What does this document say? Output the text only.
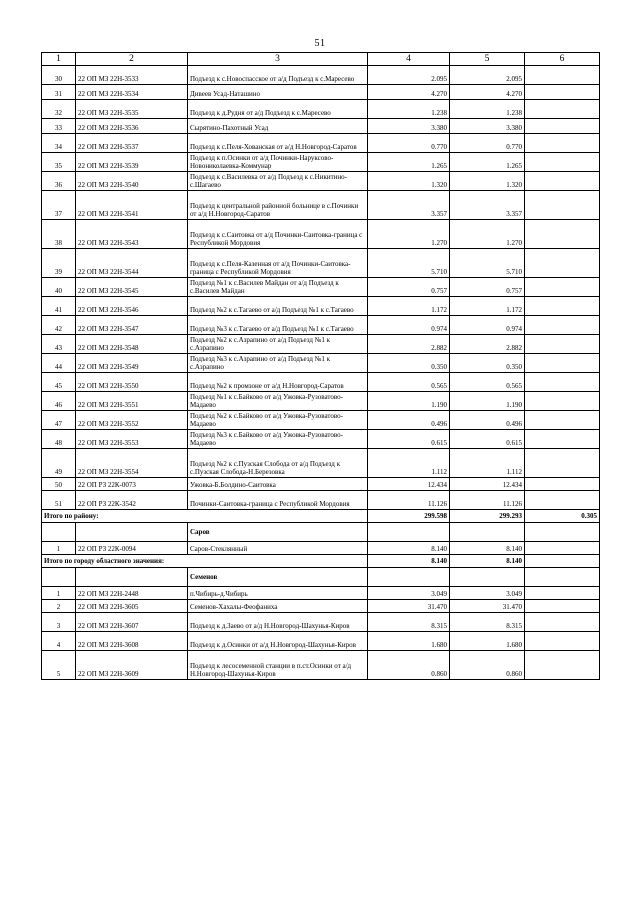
51
1	2	3	4	5	6
30	22 ОП МЗ 22Н-3533	Подъезд к с.Новоспасское от а/д Подъезд к с.Маресево	2.095	2.095	
31	22 ОП МЗ 22Н-3534	Дивеев Усад-Наташино	4.270	4.270	
32	22 ОП МЗ 22Н-3535	Подъезд к д.Рудня от а/д Подъезд к с.Маресево	1.238	1.238	
33	22 ОП МЗ 22Н-3536	Сырятино-Пахотный Усад	3.380	3.380	
34	22 ОП МЗ 22Н-3537	Подъезд к с.Пеля-Хованская от а/д Н.Новгород-Саратов	0.770	0.770	
35	22 ОП МЗ 22Н-3539	Подъезд к п.Осинки от а/д Починки-Наруксово-Новониколаевка-Коммунар	1.265	1.265	
36	22 ОП МЗ 22Н-3540	Подъезд к с.Василевка от а/д Подъезд к с.Никитино-с.Шагаево	1.320	1.320	
37	22 ОП МЗ 22Н-3541	Подъезд к центральной районной больнице в с.Починки от а/д Н.Новгород-Саратов	3.357	3.357	
38	22 ОП МЗ 22Н-3543	Подъезд к с.Саитовка от а/д Починки-Саитовка-граница с Республикой Мордовия	1.270	1.270	
39	22 ОП МЗ 22Н-3544	Подъезд к с.Пеля-Казенная от а/д Починки-Саитовка-граница с Республикой Мордовия	5.710	5.710	
40	22 ОП МЗ 22Н-3545	Подъезд №1 к с.Василев Майдан от а/д Подъезд к с.Василев Майдан	0.757	0.757	
41	22 ОП МЗ 22Н-3546	Подъезд №2 к с.Тагаево от а/д Подъезд №1 к с.Тагаево	1.172	1.172	
42	22 ОП МЗ 22Н-3547	Подъезд №3 к с.Тагаево от а/д Подъезд №1 к с.Тагаево	0.974	0.974	
43	22 ОП МЗ 22Н-3548	Подъезд №2 к с.Азрапино от а/д Подъезд №1 к с.Азрапино	2.882	2.882	
44	22 ОП МЗ 22Н-3549	Подъезд №3 к с.Азрапино от а/д Подъезд №1 к с.Азрапино	0.350	0.350	
45	22 ОП МЗ 22Н-3550	Подъезд №2 к промзоне от а/д Н.Новгород-Саратов	0.565	0.565	
46	22 ОП МЗ 22Н-3551	Подъезд №1 к с.Байково от а/д Ужовка-Рузоватово-Мадаево	1.190	1.190	
47	22 ОП МЗ 22Н-3552	Подъезд №2 к с.Байково от а/д Ужовка-Рузоватово-Мадаево	0.496	0.496	
48	22 ОП МЗ 22Н-3553	Подъезд №3 к с.Байково от а/д Ужовка-Рузоватово-Мадаево	0.615	0.615	
49	22 ОП МЗ 22Н-3554	Подъезд №2 к с.Пузская Слобода от а/д Подъезд к с.Пузская Слобода-Н.Березовка	1.112	1.112	
50	22 ОП РЗ 22К-0073	Ужовка-Б.Болдино-Саитовка	12.434	12.434	
51	22 ОП РЗ 22К-3542	Починки-Саитовка-граница с Республикой Мордовия	11.126	11.126	
Итого по району:			299.598	299.293	0.305
		Саров			
1	22 ОП РЗ 22К-0094	Саров-Стеклянный	8.140	8.140	
Итого по городу областного значения:			8.140	8.140	
		Семенов			
1	22 ОП МЗ 22Н-2448	п.Чибирь-д.Чибирь	3.049	3.049	
2	22 ОП МЗ 22Н-3605	Семенов-Хахалы-Феофаниха	31.470	31.470	
3	22 ОП МЗ 22Н-3607	Подъезд к д.Заево от а/д Н.Новгород-Шахунья-Киров	8.315	8.315	
4	22 ОП МЗ 22Н-3608	Подъезд к д.Осинки от а/д Н.Новгород-Шахунья-Киров	1.680	1.680	
5	22 ОП МЗ 22Н-3609	Подъезд к лесосеменной станции в п.ст.Осинки от а/д Н.Новгород-Шахунья-Киров	0.860	0.860	
